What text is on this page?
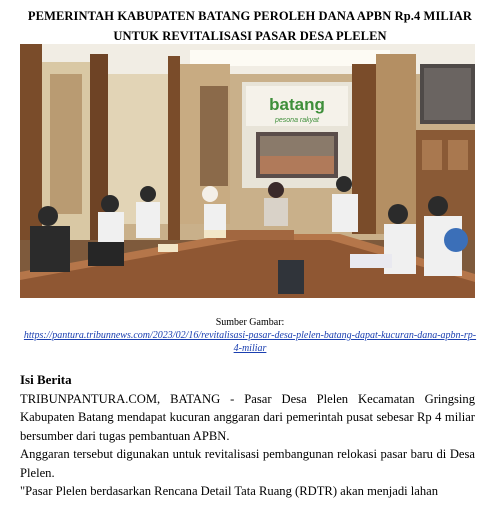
PEMERINTAH KABUPATEN BATANG PEROLEH DANA APBN Rp.4 MILIAR UNTUK REVITALISASI PASAR DESA PLELEN
batang
pesona rakyat
Sumber Gambar:
https://pantura.tribunnews.com/2023/02/16/revitalisasi-pasar-desa-plelen-batang-dapat-kucuran-dana-apbn-rp-4-miliar
Isi Berita

TRIBUNPANTURA.COM, BATANG - Pasar Desa Plelen Kecamatan Gringsing Kabupaten Batang mendapat kucuran anggaran dari pemerintah pusat sebesar Rp 4 miliar bersumber dari tugas pembantuan APBN.

Anggaran tersebut digunakan untuk revitalisasi pembangunan relokasi pasar baru di Desa Plelen.

"Pasar Plelen berdasarkan Rencana Detail Tata Ruang (RDTR) akan menjadi lahan
